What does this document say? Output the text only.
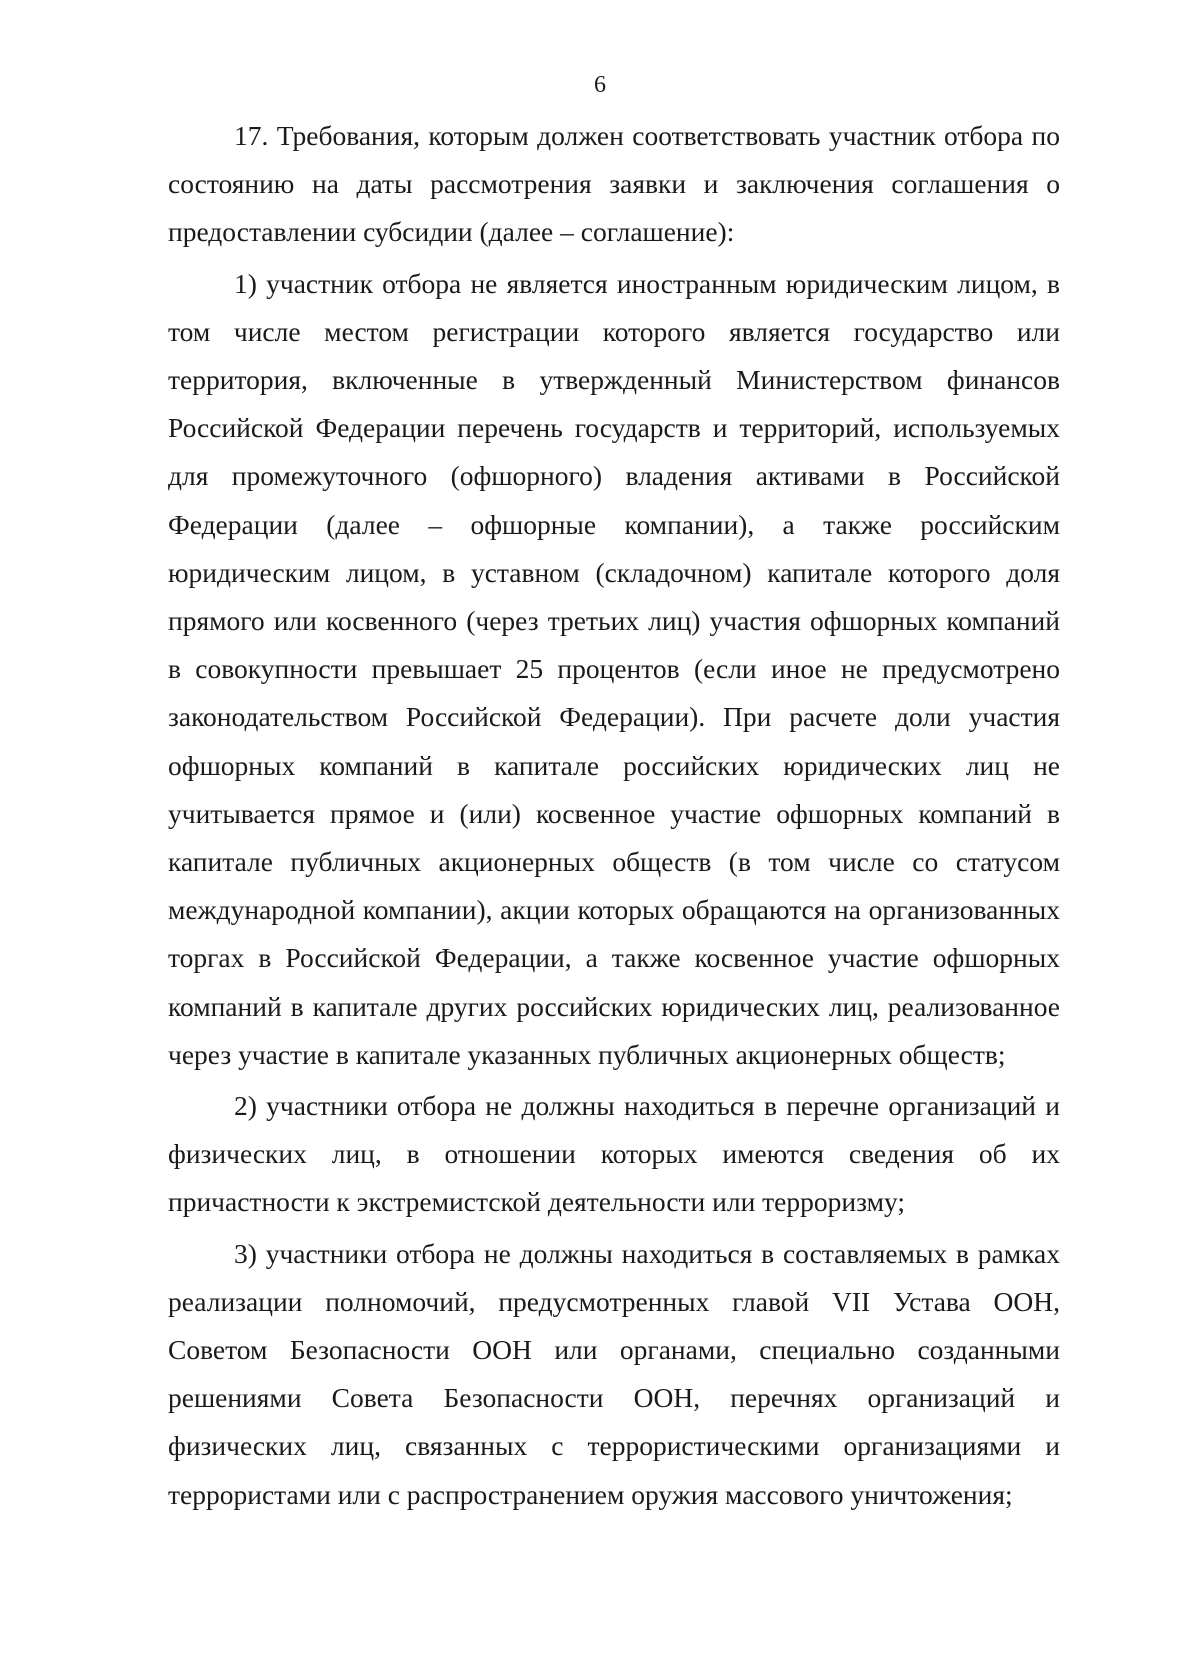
6

17. Требования, которым должен соответствовать участник отбора по состоянию на даты рассмотрения заявки и заключения соглашения о предоставлении субсидии (далее – соглашение):

1) участник отбора не является иностранным юридическим лицом, в том числе местом регистрации которого является государство или территория, включенные в утвержденный Министерством финансов Российской Федерации перечень государств и территорий, используемых для промежуточного (офшорного) владения активами в Российской Федерации (далее – офшорные компании), а также российским юридическим лицом, в уставном (складочном) капитале которого доля прямого или косвенного (через третьих лиц) участия офшорных компаний в совокупности превышает 25 процентов (если иное не предусмотрено законодательством Российской Федерации). При расчете доли участия офшорных компаний в капитале российских юридических лиц не учитывается прямое и (или) косвенное участие офшорных компаний в капитале публичных акционерных обществ (в том числе со статусом международной компании), акции которых обращаются на организованных торгах в Российской Федерации, а также косвенное участие офшорных компаний в капитале других российских юридических лиц, реализованное через участие в капитале указанных публичных акционерных обществ;

2) участники отбора не должны находиться в перечне организаций и физических лиц, в отношении которых имеются сведения об их причастности к экстремистской деятельности или терроризму;

3) участники отбора не должны находиться в составляемых в рамках реализации полномочий, предусмотренных главой VII Устава ООН, Советом Безопасности ООН или органами, специально созданными решениями Совета Безопасности ООН, перечнях организаций и физических лиц, связанных с террористическими организациями и террористами или с распространением оружия массового уничтожения;
